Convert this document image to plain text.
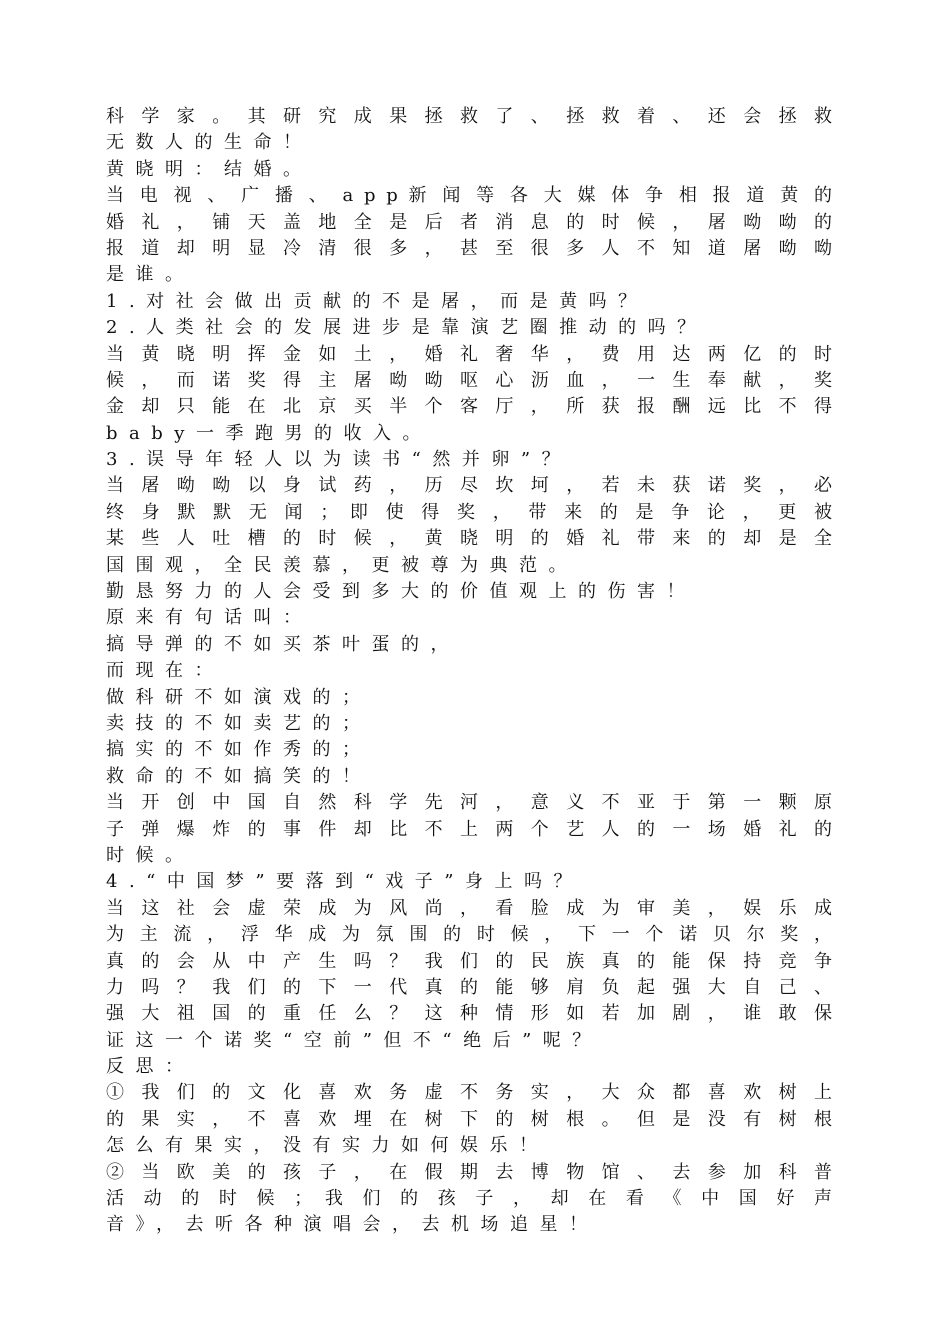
科 学 家 。 其 研 究 成 果 拯 救 了 、 拯 救 着 、 还 会 拯 救
无数人的生命！
黄晓明：结婚。
当 电 视 、 广 播 、 a p p 新 闻 等 各 大 媒 体 争 相 报 道 黄 的
婚 礼 ， 铺 天 盖 地 全 是 后 者 消 息 的 时 候 ， 屠 呦 呦 的
报 道 却 明 显 冷 清 很 多 ， 甚 至 很 多 人 不 知 道 屠 呦 呦
是谁。
1.对社会做出贡献的不是屠，而是黄吗？
2.人类社会的发展进步是靠演艺圈推动的吗？
当 黄 晓 明 挥 金 如 土 ， 婚 礼 奢 华 ， 费 用 达 两 亿 的 时
候 ， 而 诺 奖 得 主 屠 呦 呦 呕 心 沥 血 ， 一 生 奉 献 ， 奖
金 却 只 能 在 北 京 买 半 个 客 厅 ， 所 获 报 酬 远 比 不 得
baby一季跑男的收入。
3.误导年轻人以为读书“然并卵”？
当 屠 呦 呦 以 身 试 药 ， 历 尽 坎 坷 ， 若 未 获 诺 奖 ， 必
终 身 默 默 无 闻 ； 即 使 得 奖 ， 带 来 的 是 争 论 ， 更 被
某 些 人 吐 槽 的 时 候 ， 黄 晓 明 的 婚 礼 带 来 的 却 是 全
国围观，全民羡慕，更被尊为典范。
勤恳努力的人会受到多大的价值观上的伤害！
原来有句话叫：
搞导弹的不如买茶叶蛋的，
而现在：
做科研不如演戏的；
卖技的不如卖艺的；
搞实的不如作秀的；
救命的不如搞笑的！
当 开 创 中 国 自 然 科 学 先 河 ， 意 义 不 亚 于 第 一 颗 原
子 弹 爆 炸 的 事 件 却 比 不 上 两 个 艺 人 的 一 场 婚 礼 的
时候。
4.“中国梦”要落到“戏子”身上吗？
当 这 社 会 虚 荣 成 为 风 尚 ， 看 脸 成 为 审 美 ， 娱 乐 成
为 主 流 ， 浮 华 成 为 氛 围 的 时 候 ， 下 一 个 诺 贝 尔 奖 ，
真 的 会 从 中 产 生 吗 ？ 我 们 的 民 族 真 的 能 保 持 竞 争
力 吗 ？ 我 们 的 下 一 代 真 的 能 够 肩 负 起 强 大 自 己 、
强 大 祖 国 的 重 任 么 ？ 这 种 情 形 如 若 加 剧 ， 谁 敢 保
证这一个诺奖“空前”但不“绝后”呢？
反思：
① 我 们 的 文 化 喜 欢 务 虚 不 务 实 ， 大 众 都 喜 欢 树 上
的 果 实 ， 不 喜 欢 埋 在 树 下 的 树 根 。 但 是 没 有 树 根
怎么有果实，没有实力如何娱乐！
② 当 欧 美 的 孩 子 ， 在 假 期 去 博 物 馆 、 去 参 加 科 普
活 动 的 时 候 ； 我 们 的 孩 子 ， 却 在 看 《 中 国 好 声
音》，去听各种演唱会，去机场追星！
